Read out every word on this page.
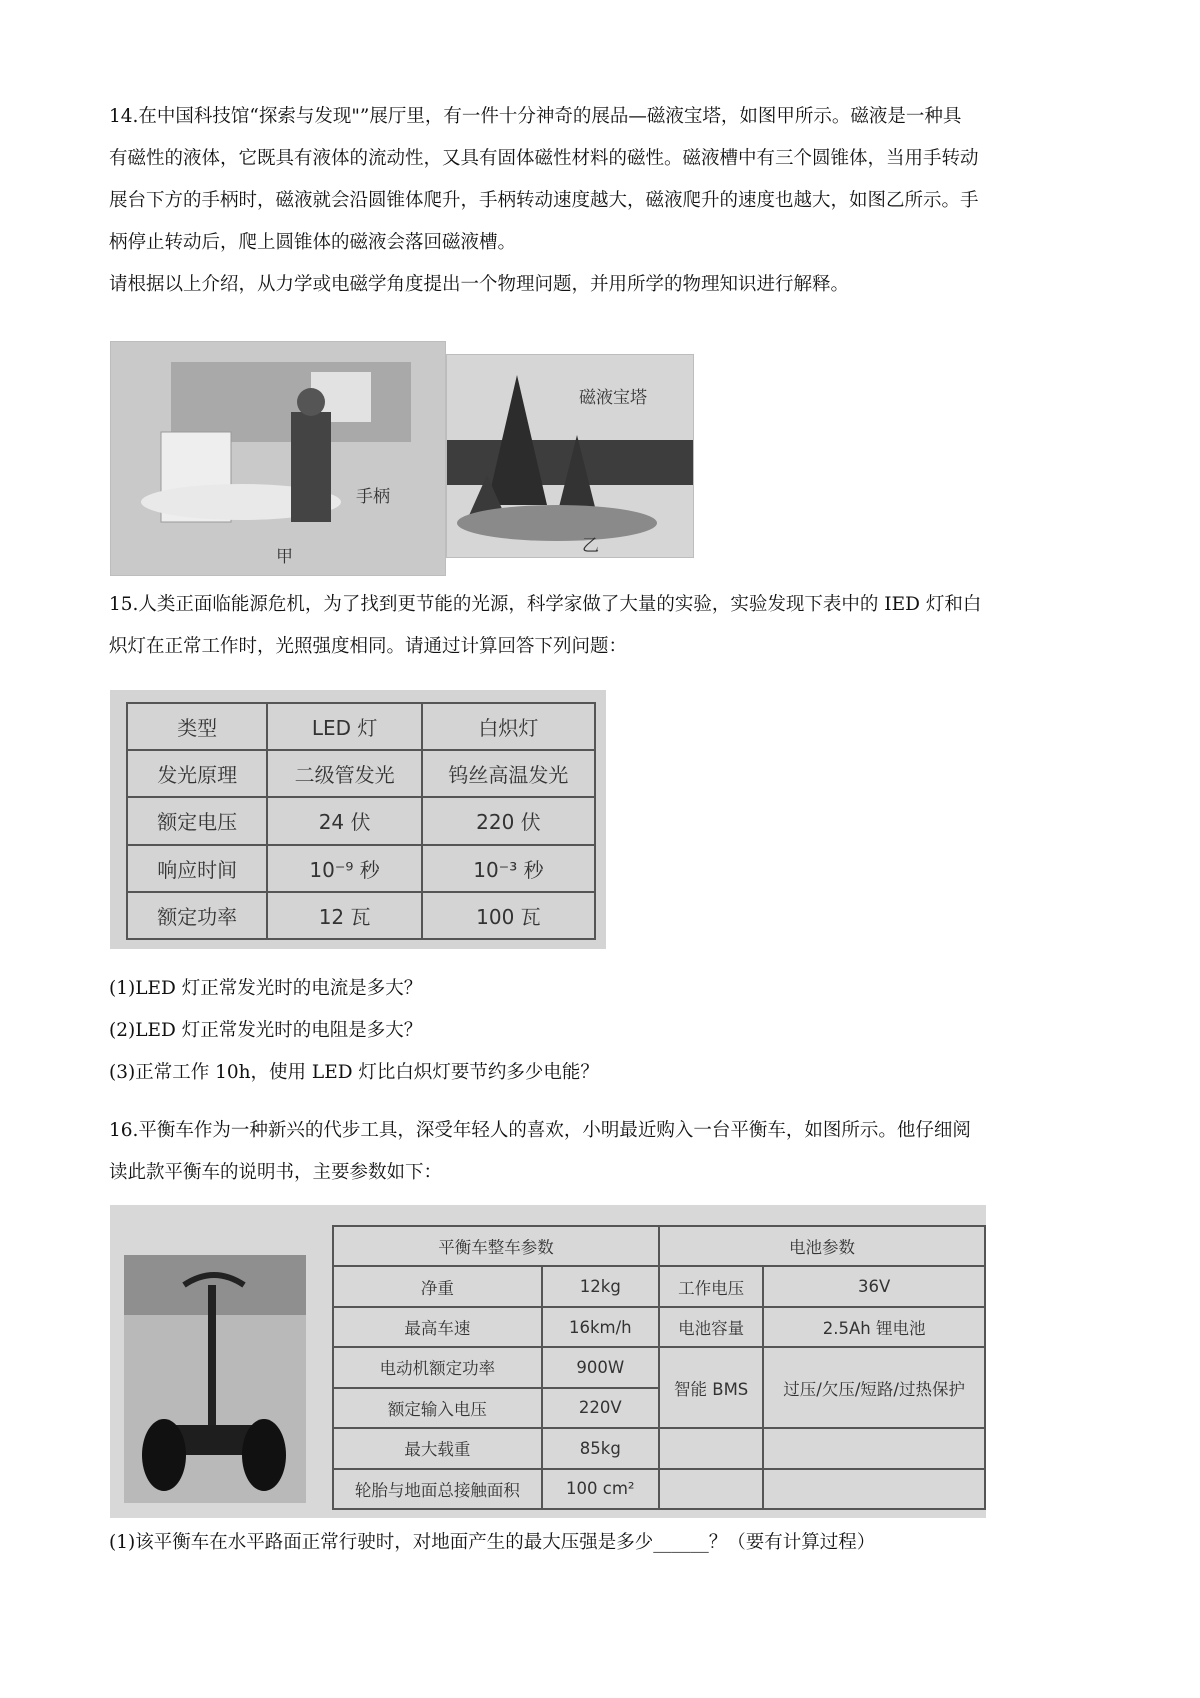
14.在中国科技馆“探索与发现"”展厅里，有一件十分神奇的展品—磁液宝塔，如图甲所示。磁液是一种具
有磁性的液体，它既具有液体的流动性，又具有固体磁性材料的磁性。磁液槽中有三个圆锥体，当用手转动
展台下方的手柄时，磁液就会沿圆锥体爬升，手柄转动速度越大，磁液爬升的速度也越大，如图乙所示。手
柄停止转动后，爬上圆锥体的磁液会落回磁液槽。
请根据以上介绍，从力学或电磁学角度提出一个物理问题，并用所学的物理知识进行解释。
手柄
甲
磁液宝塔
乙
15.人类正面临能源危机，为了找到更节能的光源，科学家做了大量的实验，实验发现下表中的 IED 灯和白
炽灯在正常工作时，光照强度相同。请通过计算回答下列问题：
类型	LED 灯	白炽灯
发光原理	二级管发光	钨丝高温发光
额定电压	24 伏	220 伏
响应时间	10⁻⁹ 秒	10⁻³ 秒
额定功率	12 瓦	100 瓦
(1)LED 灯正常发光时的电流是多大？
(2)LED 灯正常发光时的电阻是多大？
(3)正常工作 10h，使用 LED 灯比白炽灯要节约多少电能？
16.平衡车作为一种新兴的代步工具，深受年轻人的喜欢，小明最近购入一台平衡车，如图所示。他仔细阅
读此款平衡车的说明书，主要参数如下：
平衡车整车参数		电池参数	
净重	12kg	工作电压	36V
最高车速	16km/h	电池容量	2.5Ah 锂电池
电动机额定功率	900W	智能 BMS	过压/欠压/短路/过热保护
额定输入电压	220V		
最大载重	85kg		
轮胎与地面总接触面积	100 cm²		
(1)该平衡车在水平路面正常行驶时，对地面产生的最大压强是多少______？（要有计算过程）
